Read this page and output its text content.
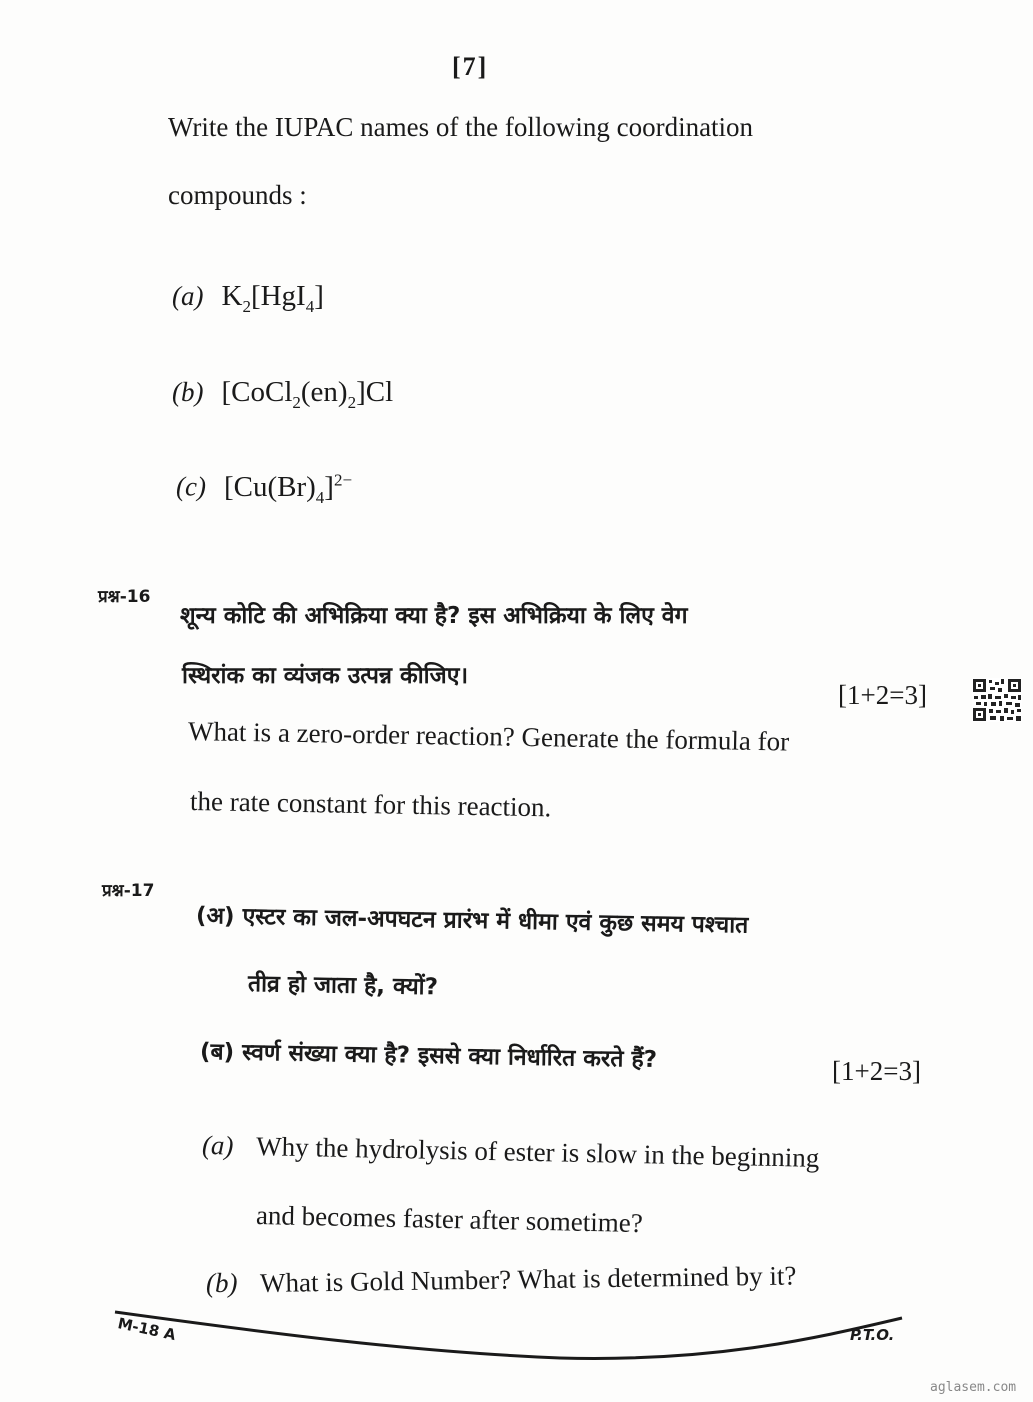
[7]
Write the IUPAC names of the following coordination
compounds :
(a) $K_2[HgI_4]$
(b) $[CoCl_2(en)_2]Cl$
(c) $[Cu(Br)_4]^{2-}$
प्रश्न-16
शून्य कोटि की अभिक्रिया क्या है? इस अभिक्रिया के लिए वेग
स्थिरांक का व्यंजक उत्पन्न कीजिए।
[1+2=3]
What is a zero-order reaction? Generate the formula for
the rate constant for this reaction.
प्रश्न-17
(अ) एस्टर का जल-अपघटन प्रारंभ में धीमा एवं कुछ समय पश्चात
तीव्र हो जाता है, क्यों?
(ब) स्वर्ण संख्या क्या है? इससे क्या निर्धारित करते हैं?	[1+2=3]
(a) Why the hydrolysis of ester is slow in the beginning
and becomes faster after sometime?
(b) What is Gold Number? What is determined by it?
M-18 A	P.T.O.
aglasem.com
